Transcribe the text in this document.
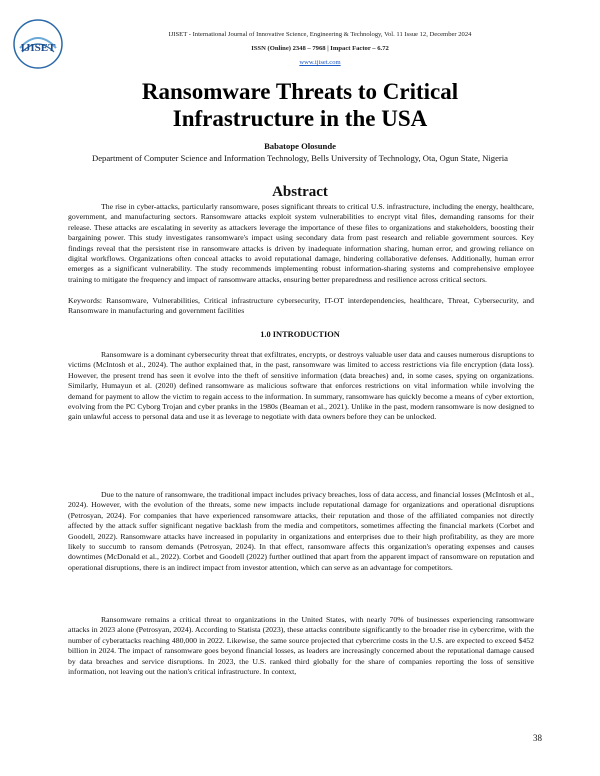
IJISET
IJISET - International Journal of Innovative Science, Engineering & Technology, Vol. 11 Issue 12, December 2024
ISSN (Online) 2348 – 7968 | Impact Factor – 6.72
www.ijiset.com
Ransomware Threats to Critical Infrastructure in the USA
Babatope Olosunde
Department of Computer Science and Information Technology, Bells University of Technology, Ota, Ogun State, Nigeria
Abstract
The rise in cyber-attacks, particularly ransomware, poses significant threats to critical U.S. infrastructure, including the energy, healthcare, government, and manufacturing sectors. Ransomware attacks exploit system vulnerabilities to encrypt vital files, demanding ransoms for their release. These attacks are escalating in severity as attackers leverage the importance of these files to organizations and stakeholders, boosting their bargaining power. This study investigates ransomware's impact using secondary data from past research and reliable government sources. Key findings reveal that the persistent rise in ransomware attacks is driven by inadequate information sharing, human error, and growing reliance on digital workflows. Organizations often conceal attacks to avoid reputational damage, hindering collaborative defenses. Additionally, human error emerges as a significant vulnerability. The study recommends implementing robust information-sharing systems and comprehensive employee training to mitigate the frequency and impact of ransomware attacks, ensuring better preparedness and resilience across critical sectors.
Keywords: Ransomware, Vulnerabilities, Critical infrastructure cybersecurity, IT-OT interdependencies, healthcare, Threat, Cybersecurity, and Ransomware in manufacturing and government facilities
1.0 INTRODUCTION
Ransomware is a dominant cybersecurity threat that exfiltrates, encrypts, or destroys valuable user data and causes numerous disruptions to victims (McIntosh et al., 2024). The author explained that, in the past, ransomware was limited to access restrictions via file encryption (data loss). However, the present trend has seen it evolve into the theft of sensitive information (data breaches) and, in some cases, spying on organizations. Similarly, Humayun et al. (2020) defined ransomware as malicious software that enforces restrictions on vital information while involving the demand for payment to allow the victim to regain access to the information. In summary, ransomware has quickly become a means of cyber extortion, evolving from the PC Cyborg Trojan and cyber pranks in the 1980s (Beaman et al., 2021). Unlike in the past, modern ransomware is now designed to gain unlawful access to personal data and use it as leverage to negotiate with data owners before they can be unlocked.
Due to the nature of ransomware, the traditional impact includes privacy breaches, loss of data access, and financial losses (McIntosh et al., 2024). However, with the evolution of the threats, some new impacts include reputational damage for organizations and operational disruptions (Petrosyan, 2024). For companies that have experienced ransomware attacks, their reputation and those of the affiliated companies not directly affected by the attack suffer significant negative backlash from the media and competitors, sometimes affecting the financial markets (Corbet and Goodell, 2022). Ransomware attacks have increased in popularity in organizations and enterprises due to their high profitability, as they are more likely to succumb to ransom demands (Petrosyan, 2024). In that effect, ransomware affects this organization's operating expenses and causes downtimes (McDonald et al., 2022). Corbet and Goodell (2022) further outlined that apart from the apparent impact of ransomware on reputation and operational disruptions, there is an indirect impact from investor attention, which can serve as an advantage for competitors.
Ransomware remains a critical threat to organizations in the United States, with nearly 70% of businesses experiencing ransomware attacks in 2023 alone (Petrosyan, 2024). According to Statista (2023), these attacks contribute significantly to the broader rise in cybercrime, with the number of cyberattacks reaching 480,000 in 2022. Likewise, the same source projected that cybercrime costs in the U.S. are expected to exceed $452 billion in 2024. The impact of ransomware goes beyond financial losses, as leaders are increasingly concerned about the reputational damage caused by data breaches and service disruptions. In 2023, the U.S. ranked third globally for the share of companies reporting the loss of sensitive information, not leaving out the nation's critical infrastructure. In context,
38
